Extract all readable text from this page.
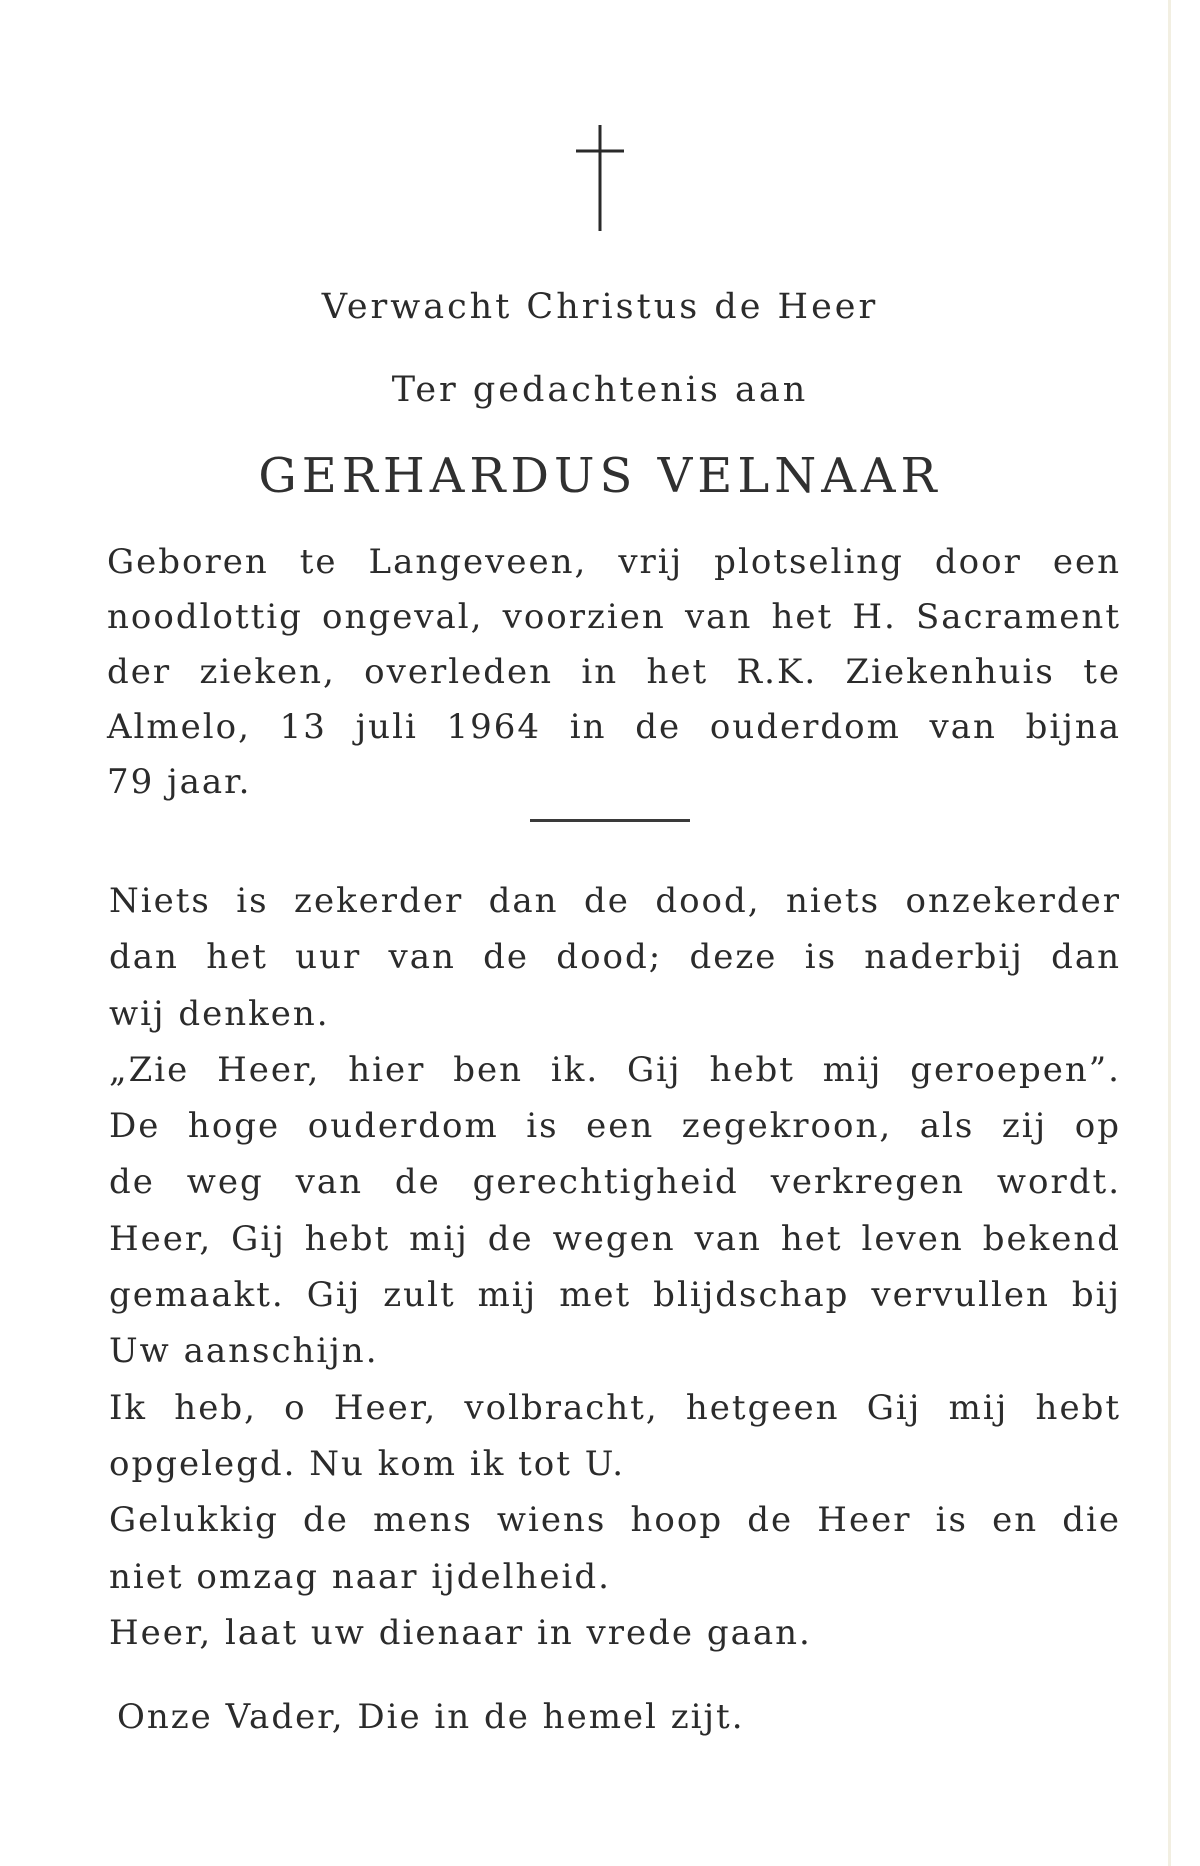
Verwacht Christus de Heer
Ter gedachtenis aan
GERHARDUS VELNAAR
Geboren te Langeveen, vrij plotseling door een
noodlottig ongeval, voorzien van het H. Sacrament
der zieken, overleden in het R.K. Ziekenhuis te
Almelo, 13 juli 1964 in de ouderdom van bijna
79 jaar.
Niets is zekerder dan de dood, niets onzekerder
dan het uur van de dood; deze is naderbij dan
wij denken.
„Zie Heer, hier ben ik. Gij hebt mij geroepen”.
De hoge ouderdom is een zegekroon, als zij op
de weg van de gerechtigheid verkregen wordt.
Heer, Gij hebt mij de wegen van het leven bekend
gemaakt. Gij zult mij met blijdschap vervullen bij
Uw aanschijn.
Ik heb, o Heer, volbracht, hetgeen Gij mij hebt
opgelegd. Nu kom ik tot U.
Gelukkig de mens wiens hoop de Heer is en die
niet omzag naar ijdelheid.
Heer, laat uw dienaar in vrede gaan.
Onze Vader, Die in de hemel zijt.
